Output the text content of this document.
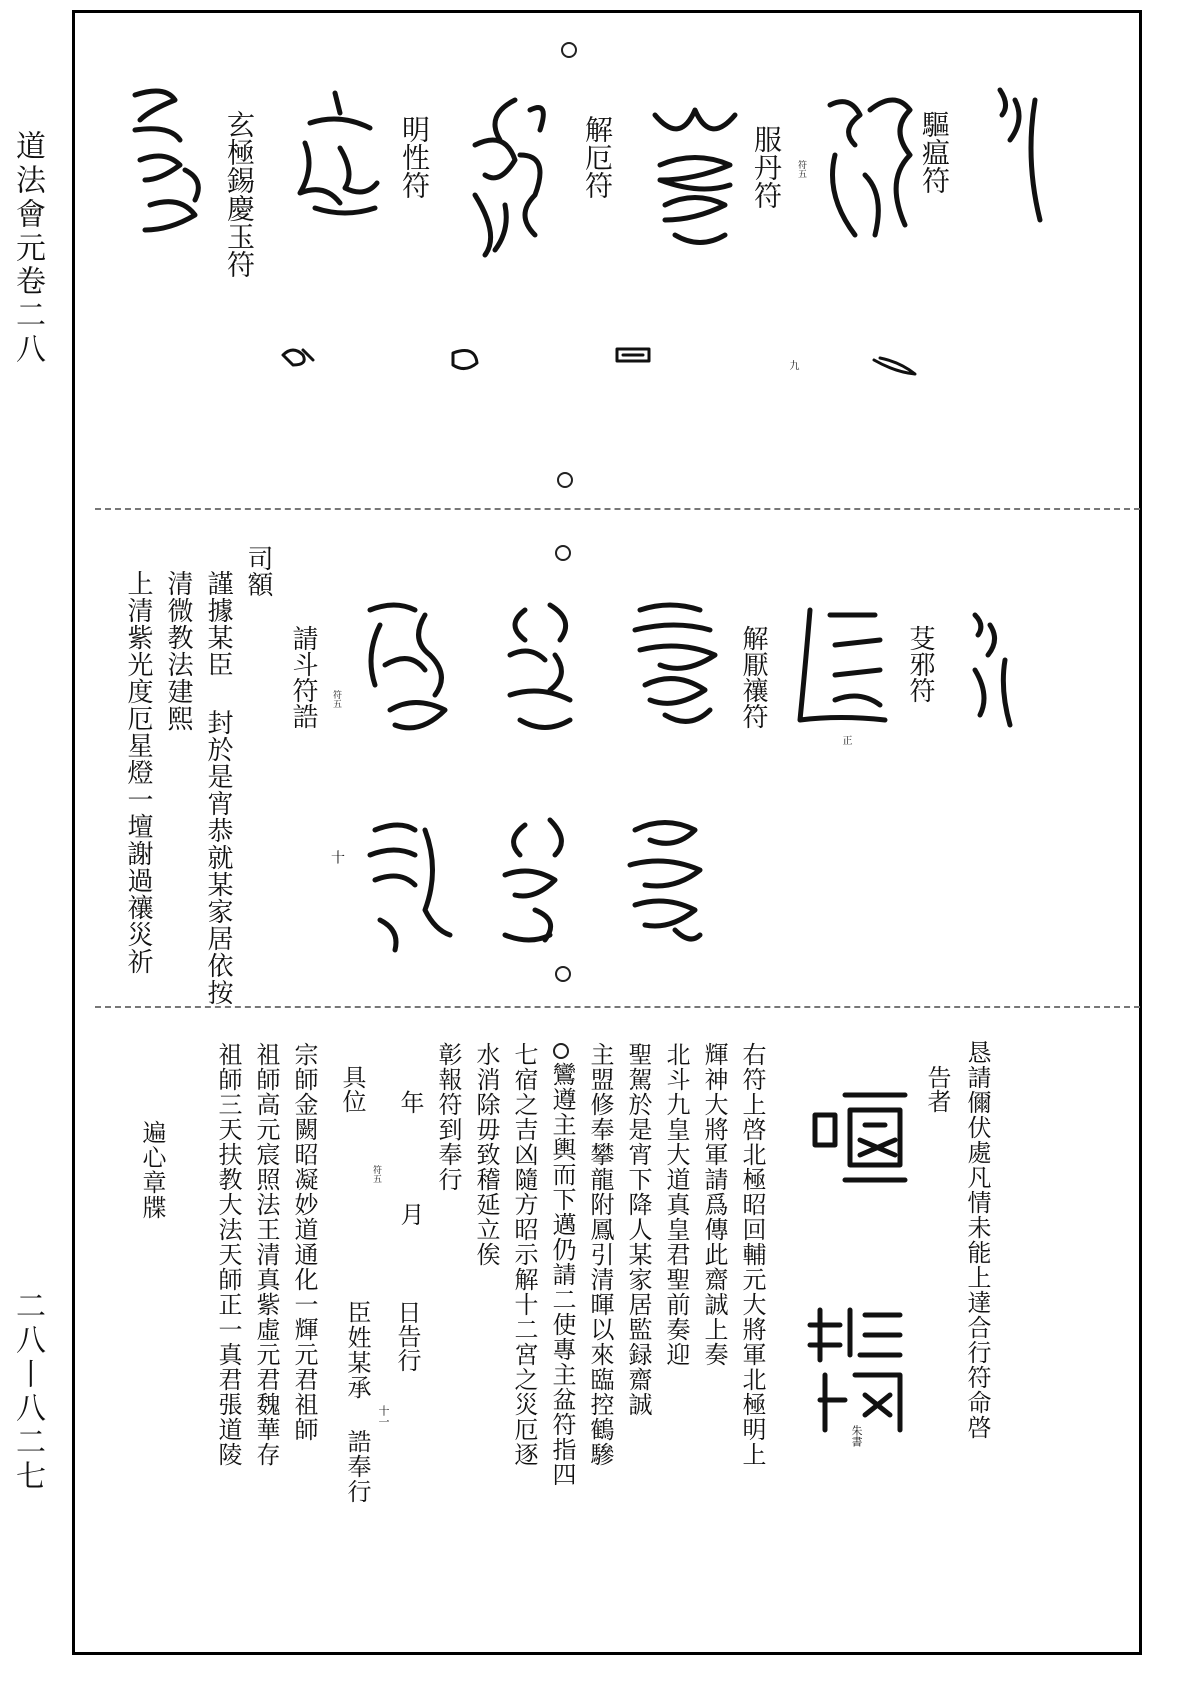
道法會元
卷二八
二八丨八二七
驅瘟符
服丹符 符五
解厄符
明性符
玄極錫慶玉符
九
芟邪符
正
解厭禳符
請斗符誥 符五
十
司額
謹據某臣 封於是宵恭就某家居依按
清微教法建熙
上清紫光度厄星燈一壇謝過禳災祈
恳請儞伏處凡情未能上達合行符命啓
告者
朱書
右符上啓北極昭回輔元大將軍北極明上
輝神大將軍請爲傳此齋誠上奏
北斗九皇大道真皇君聖前奏迎
聖駕於是宵下降人某家居監録齋誠
主盟修奉攀龍附鳳引清暉以來臨控鶴驂
鸞遵主輿而下邁仍請二使專主盆符指四
七宿之吉凶隨方昭示解十二宮之災厄逐
水消除毋致稽延立俟
彰報符到奉行
年 月
符五
日告行
具位
臣姓某承 誥奉行 十一
宗師金闕昭凝妙道通化一輝元君祖師
祖師高元宸照法王清真紫虛元君魏華存
祖師三天扶教大法天師正一真君張道陵
遍心章牒
